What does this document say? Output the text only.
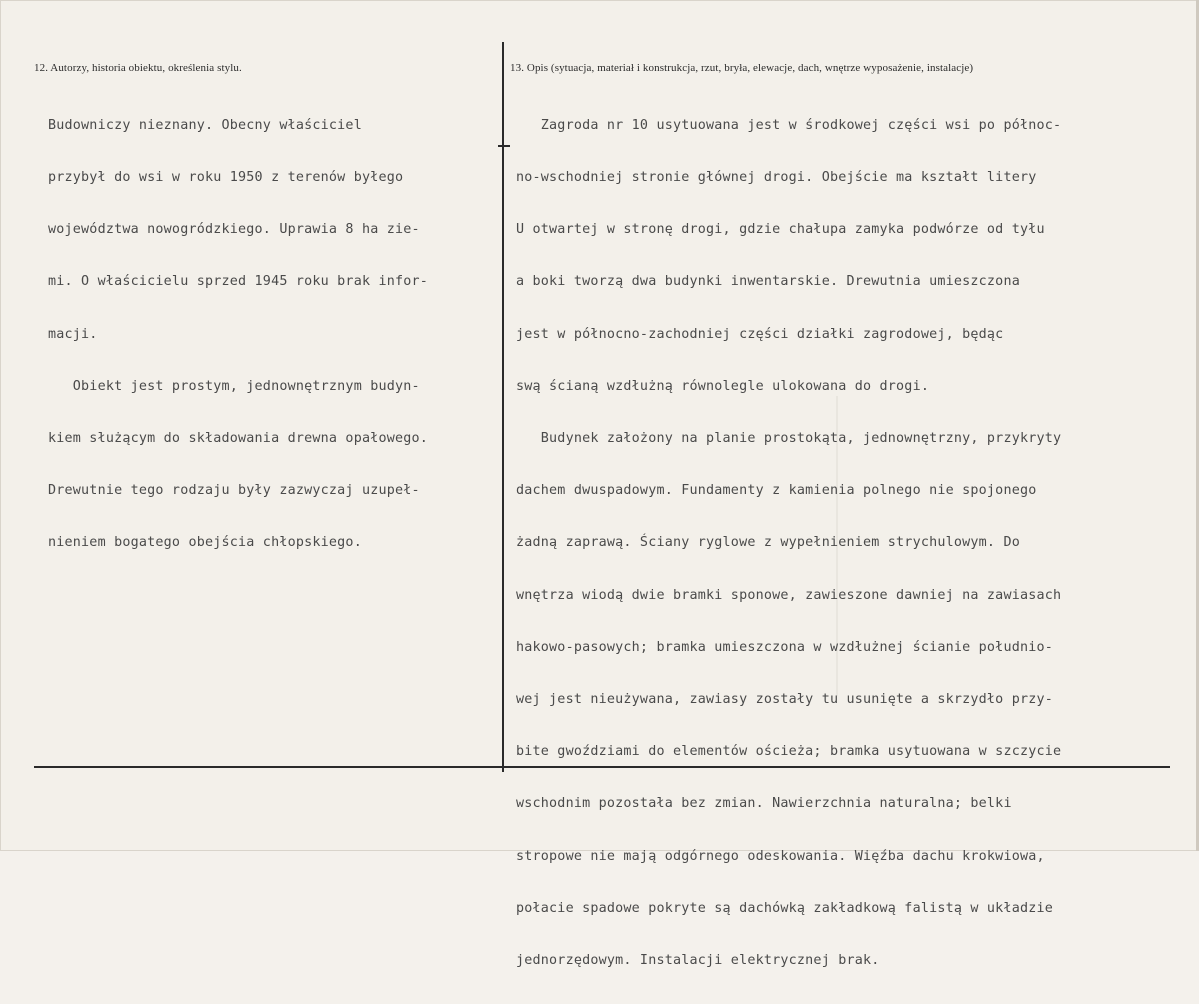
12. Autorzy, historia obiektu, określenia stylu.	13. Opis (sytuacja, materiał i konstrukcja, rzut, bryła, elewacje, dach, wnętrze wyposażenie, instalacje)

Budowniczy nieznany. Obecny właściciel

przybył do wsi w roku 1950 z terenów byłego

województwa nowogródzkiego. Uprawia 8 ha zie-

mi. O właścicielu sprzed 1945 roku brak infor-

macji.

Obiekt jest prostym, jednownętrznym budyn-

kiem służącym do składowania drewna opałowego.

Drewutnie tego rodzaju były zazwyczaj uzupeł-

nieniem bogatego obejścia chłopskiego.

Zagroda nr 10 usytuowana jest w środkowej części wsi po północ-

no-wschodniej stronie głównej drogi. Obejście ma kształt litery

U otwartej w stronę drogi, gdzie chałupa zamyka podwórze od tyłu

a boki tworzą dwa budynki inwentarskie. Drewutnia umieszczona

jest w północno-zachodniej części działki zagrodowej, będąc

swą ścianą wzdłużną równolegle ulokowana do drogi.

Budynek założony na planie prostokąta, jednownętrzny, przykryty

dachem dwuspadowym. Fundamenty z kamienia polnego nie spojonego

żadną zaprawą. Ściany ryglowe z wypełnieniem strychulowym. Do

wnętrza wiodą dwie bramki sponowe, zawieszone dawniej na zawiasach

hakowo-pasowych; bramka umieszczona w wzdłużnej ścianie południo-

wej jest nieużywana, zawiasy zostały tu usunięte a skrzydło przy-

bite gwoździami do elementów ościeża; bramka usytuowana w szczycie

wschodnim pozostała bez zmian. Nawierzchnia naturalna; belki

stropowe nie mają odgórnego odeskowania. Więźba dachu krokwiowa,

połacie spadowe pokryte są dachówką zakładkową falistą w układzie

jednorzędowym. Instalacji elektrycznej brak.
